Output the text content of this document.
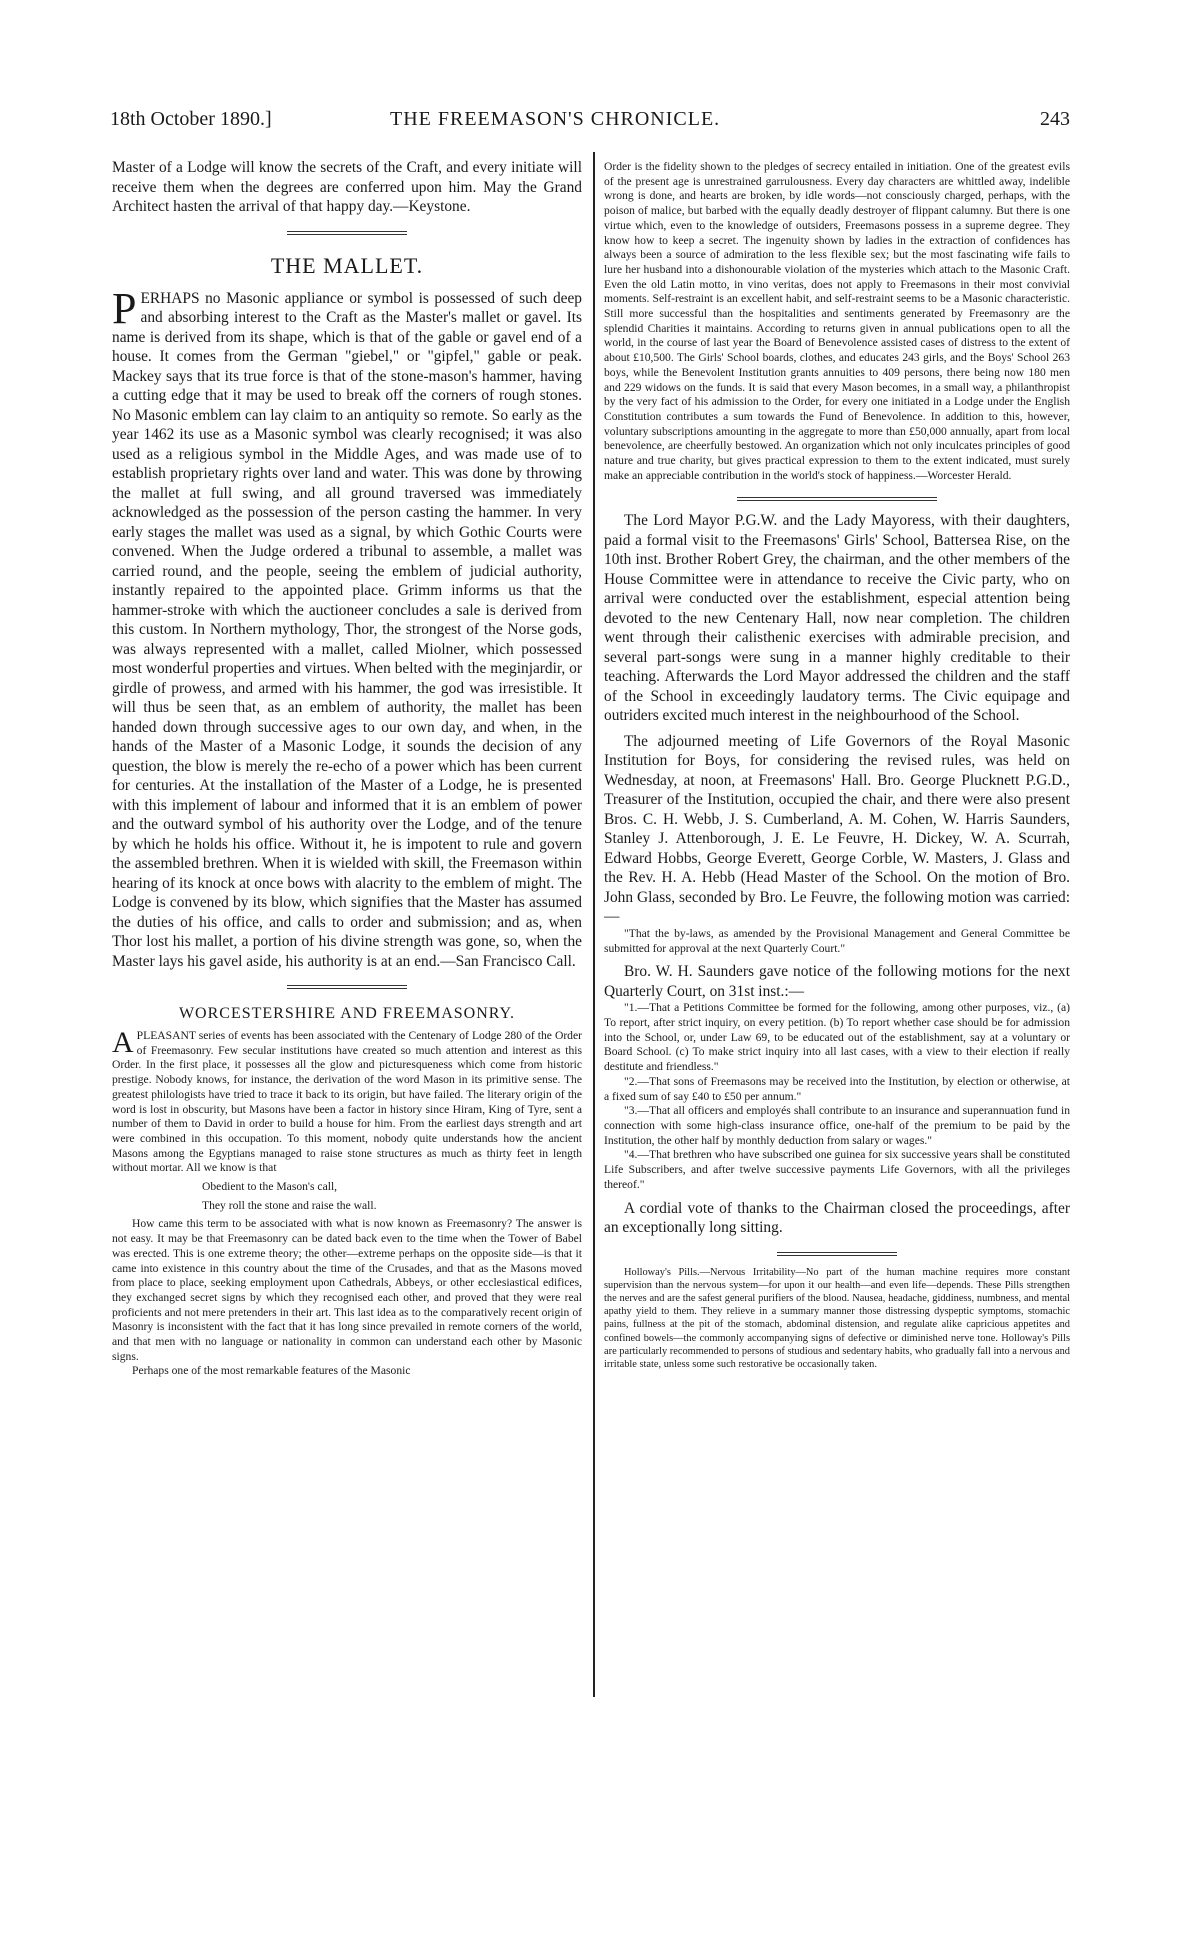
18th October 1890.]	THE FREEMASON'S CHRONICLE.	243

Master of a Lodge will know the secrets of the Craft, and every initiate will receive them when the degrees are conferred upon him. May the Grand Architect hasten the arrival of that happy day.—Keystone.

THE MALLET.

PERHAPS no Masonic appliance or symbol is possessed of such deep and absorbing interest to the Craft as the Master's mallet or gavel. Its name is derived from its shape, which is that of the gable or gavel end of a house. It comes from the German "giebel," or "gipfel," gable or peak. Mackey says that its true force is that of the stone-mason's hammer, having a cutting edge that it may be used to break off the corners of rough stones. No Masonic emblem can lay claim to an antiquity so remote. So early as the year 1462 its use as a Masonic symbol was clearly recognised; it was also used as a religious symbol in the Middle Ages, and was made use of to establish proprietary rights over land and water. This was done by throwing the mallet at full swing, and all ground traversed was immediately acknowledged as the possession of the person casting the hammer. In very early stages the mallet was used as a signal, by which Gothic Courts were convened. When the Judge ordered a tribunal to assemble, a mallet was carried round, and the people, seeing the emblem of judicial authority, instantly repaired to the appointed place. Grimm informs us that the hammer-stroke with which the auctioneer concludes a sale is derived from this custom. In Northern mythology, Thor, the strongest of the Norse gods, was always represented with a mallet, called Miolner, which possessed most wonderful properties and virtues. When belted with the meginjardir, or girdle of prowess, and armed with his hammer, the god was irresistible. It will thus be seen that, as an emblem of authority, the mallet has been handed down through successive ages to our own day, and when, in the hands of the Master of a Masonic Lodge, it sounds the decision of any question, the blow is merely the re-echo of a power which has been current for centuries. At the installation of the Master of a Lodge, he is presented with this implement of labour and informed that it is an emblem of power and the outward symbol of his authority over the Lodge, and of the tenure by which he holds his office. Without it, he is impotent to rule and govern the assembled brethren. When it is wielded with skill, the Freemason within hearing of its knock at once bows with alacrity to the emblem of might. The Lodge is convened by its blow, which signifies that the Master has assumed the duties of his office, and calls to order and submission; and as, when Thor lost his mallet, a portion of his divine strength was gone, so, when the Master lays his gavel aside, his authority is at an end.—San Francisco Call.

WORCESTERSHIRE AND FREEMASONRY.

APLEASANT series of events has been associated with the Centenary of Lodge 280 of the Order of Freemasonry. Few secular institutions have created so much attention and interest as this Order. In the first place, it possesses all the glow and picturesqueness which come from historic prestige. Nobody knows, for instance, the derivation of the word Mason in its primitive sense. The greatest philologists have tried to trace it back to its origin, but have failed. The literary origin of the word is lost in obscurity, but Masons have been a factor in history since Hiram, King of Tyre, sent a number of them to David in order to build a house for him. From the earliest days strength and art were combined in this occupation. To this moment, nobody quite understands how the ancient Masons among the Egyptians managed to raise stone structures as much as thirty feet in length without mortar. All we know is that

Obedient to the Mason's call,
They roll the stone and raise the wall.

How came this term to be associated with what is now known as Freemasonry? The answer is not easy. It may be that Freemasonry can be dated back even to the time when the Tower of Babel was erected. This is one extreme theory; the other—extreme perhaps on the opposite side—is that it came into existence in this country about the time of the Crusades, and that as the Masons moved from place to place, seeking employment upon Cathedrals, Abbeys, or other ecclesiastical edifices, they exchanged secret signs by which they recognised each other, and proved that they were real proficients and not mere pretenders in their art. This last idea as to the comparatively recent origin of Masonry is inconsistent with the fact that it has long since prevailed in remote corners of the world, and that men with no language or nationality in common can understand each other by Masonic signs.

Perhaps one of the most remarkable features of the Masonic

Order is the fidelity shown to the pledges of secrecy entailed in initiation. One of the greatest evils of the present age is unrestrained garrulousness. Every day characters are whittled away, indelible wrong is done, and hearts are broken, by idle words—not consciously charged, perhaps, with the poison of malice, but barbed with the equally deadly destroyer of flippant calumny. But there is one virtue which, even to the knowledge of outsiders, Freemasons possess in a supreme degree. They know how to keep a secret. The ingenuity shown by ladies in the extraction of confidences has always been a source of admiration to the less flexible sex; but the most fascinating wife fails to lure her husband into a dishonourable violation of the mysteries which attach to the Masonic Craft. Even the old Latin motto, in vino veritas, does not apply to Freemasons in their most convivial moments. Self-restraint is an excellent habit, and self-restraint seems to be a Masonic characteristic. Still more successful than the hospitalities and sentiments generated by Freemasonry are the splendid Charities it maintains. According to returns given in annual publications open to all the world, in the course of last year the Board of Benevolence assisted cases of distress to the extent of about £10,500. The Girls' School boards, clothes, and educates 243 girls, and the Boys' School 263 boys, while the Benevolent Institution grants annuities to 409 persons, there being now 180 men and 229 widows on the funds. It is said that every Mason becomes, in a small way, a philanthropist by the very fact of his admission to the Order, for every one initiated in a Lodge under the English Constitution contributes a sum towards the Fund of Benevolence. In addition to this, however, voluntary subscriptions amounting in the aggregate to more than £50,000 annually, apart from local benevolence, are cheerfully bestowed. An organization which not only inculcates principles of good nature and true charity, but gives practical expression to them to the extent indicated, must surely make an appreciable contribution in the world's stock of happiness.—Worcester Herald.

The Lord Mayor P.G.W. and the Lady Mayoress, with their daughters, paid a formal visit to the Freemasons' Girls' School, Battersea Rise, on the 10th inst. Brother Robert Grey, the chairman, and the other members of the House Committee were in attendance to receive the Civic party, who on arrival were conducted over the establishment, especial attention being devoted to the new Centenary Hall, now near completion. The children went through their calisthenic exercises with admirable precision, and several part-songs were sung in a manner highly creditable to their teaching. Afterwards the Lord Mayor addressed the children and the staff of the School in exceedingly laudatory terms. The Civic equipage and outriders excited much interest in the neighbourhood of the School.

The adjourned meeting of Life Governors of the Royal Masonic Institution for Boys, for considering the revised rules, was held on Wednesday, at noon, at Freemasons' Hall. Bro. George Plucknett P.G.D., Treasurer of the Institution, occupied the chair, and there were also present Bros. C. H. Webb, J. S. Cumberland, A. M. Cohen, W. Harris Saunders, Stanley J. Attenborough, J. E. Le Feuvre, H. Dickey, W. A. Scurrah, Edward Hobbs, George Everett, George Corble, W. Masters, J. Glass and the Rev. H. A. Hebb (Head Master of the School. On the motion of Bro. John Glass, seconded by Bro. Le Feuvre, the following motion was carried:—

"That the by-laws, as amended by the Provisional Management and General Committee be submitted for approval at the next Quarterly Court."

Bro. W. H. Saunders gave notice of the following motions for the next Quarterly Court, on 31st inst.:—

"1.—That a Petitions Committee be formed for the following, among other purposes, viz., (a) To report, after strict inquiry, on every petition. (b) To report whether case should be for admission into the School, or, under Law 69, to be educated out of the establishment, say at a voluntary or Board School. (c) To make strict inquiry into all last cases, with a view to their election if really destitute and friendless."

"2.—That sons of Freemasons may be received into the Institution, by election or otherwise, at a fixed sum of say £40 to £50 per annum."

"3.—That all officers and employés shall contribute to an insurance and superannuation fund in connection with some high-class insurance office, one-half of the premium to be paid by the Institution, the other half by monthly deduction from salary or wages."

"4.—That brethren who have subscribed one guinea for six successive years shall be constituted Life Subscribers, and after twelve successive payments Life Governors, with all the privileges thereof."

A cordial vote of thanks to the Chairman closed the proceedings, after an exceptionally long sitting.

Holloway's Pills.—Nervous Irritability—No part of the human machine requires more constant supervision than the nervous system—for upon it our health—and even life—depends. These Pills strengthen the nerves and are the safest general purifiers of the blood. Nausea, headache, giddiness, numbness, and mental apathy yield to them. They relieve in a summary manner those distressing dyspeptic symptoms, stomachic pains, fullness at the pit of the stomach, abdominal distension, and regulate alike capricious appetites and confined bowels—the commonly accompanying signs of defective or diminished nerve tone. Holloway's Pills are particularly recommended to persons of studious and sedentary habits, who gradually fall into a nervous and irritable state, unless some such restorative be occasionally taken.
